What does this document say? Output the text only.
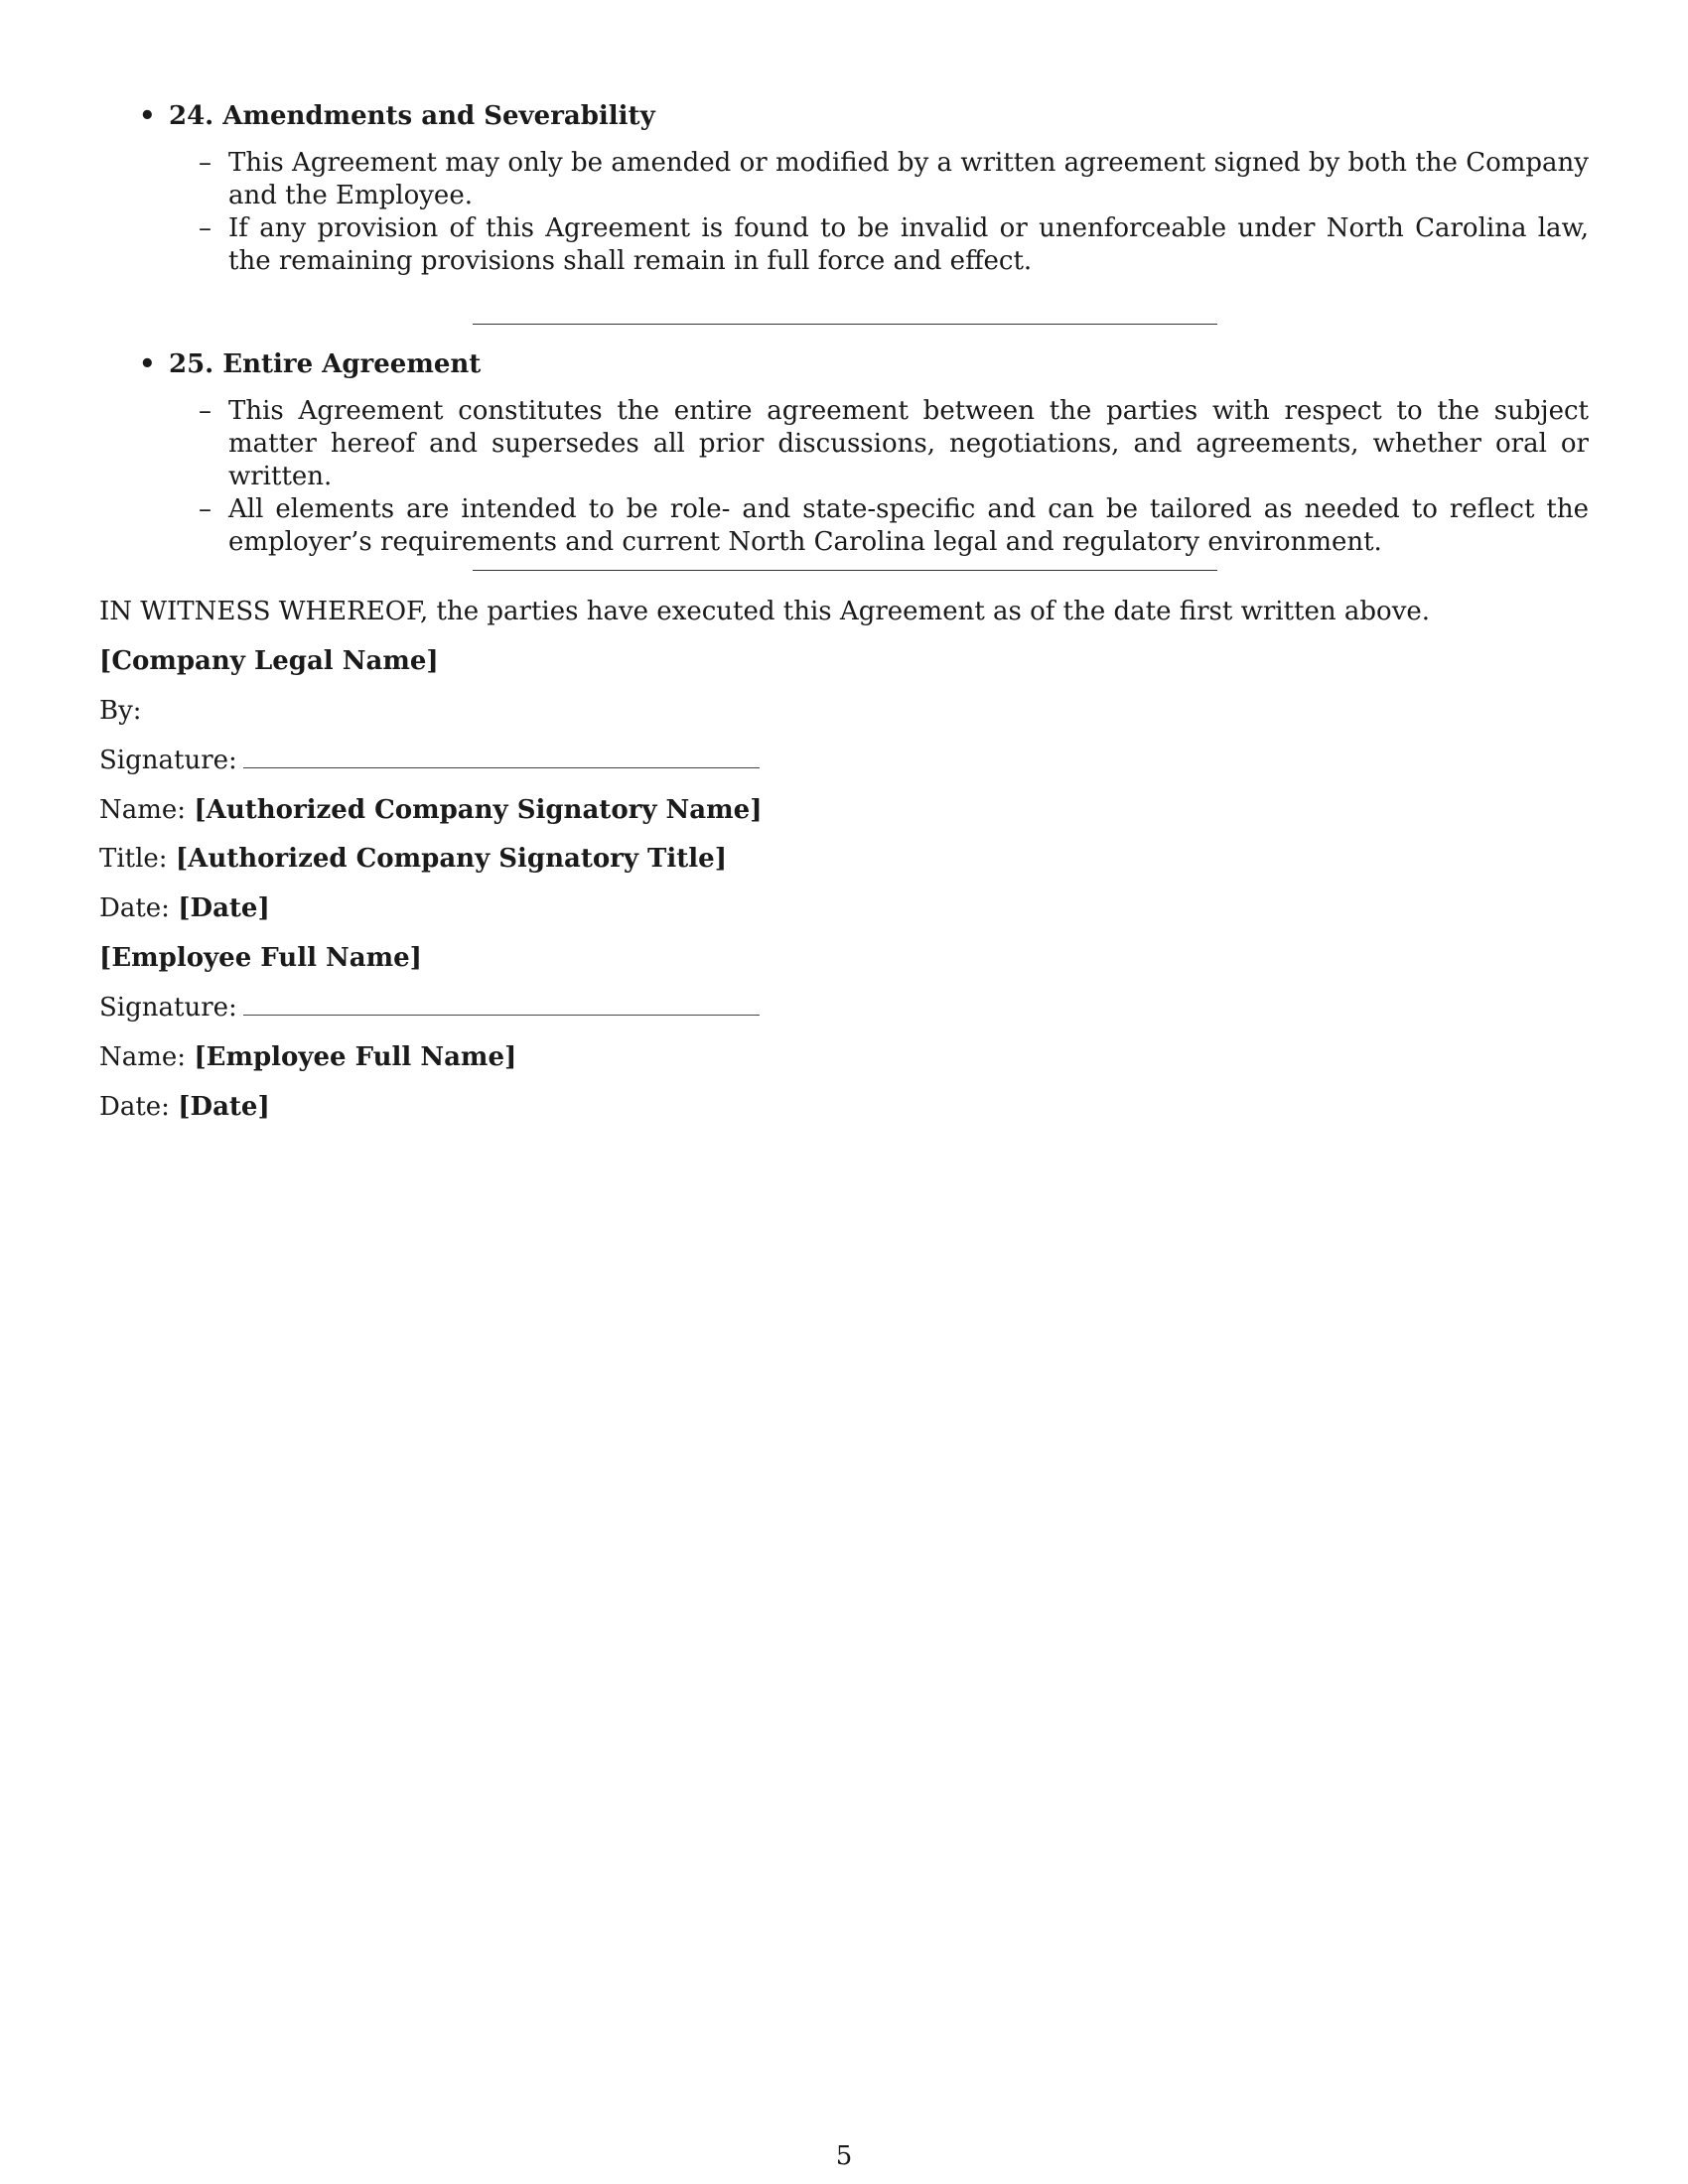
• 24. Amendments and Severability
– This Agreement may only be amended or modified by a written agreement signed by both the Company and the Employee.
– If any provision of this Agreement is found to be invalid or unenforceable under North Carolina law, the remaining provisions shall remain in full force and effect.
• 25. Entire Agreement
– This Agreement constitutes the entire agreement between the parties with respect to the subject matter hereof and supersedes all prior discussions, negotiations, and agreements, whether oral or written.
– All elements are intended to be role- and state-specific and can be tailored as needed to reflect the employer’s requirements and current North Carolina legal and regulatory environment.
IN WITNESS WHEREOF, the parties have executed this Agreement as of the date first written above.
[Company Legal Name]
By:
Signature:
Name: [Authorized Company Signatory Name]
Title: [Authorized Company Signatory Title]
Date: [Date]
[Employee Full Name]
Signature:
Name: [Employee Full Name]
Date: [Date]
5
